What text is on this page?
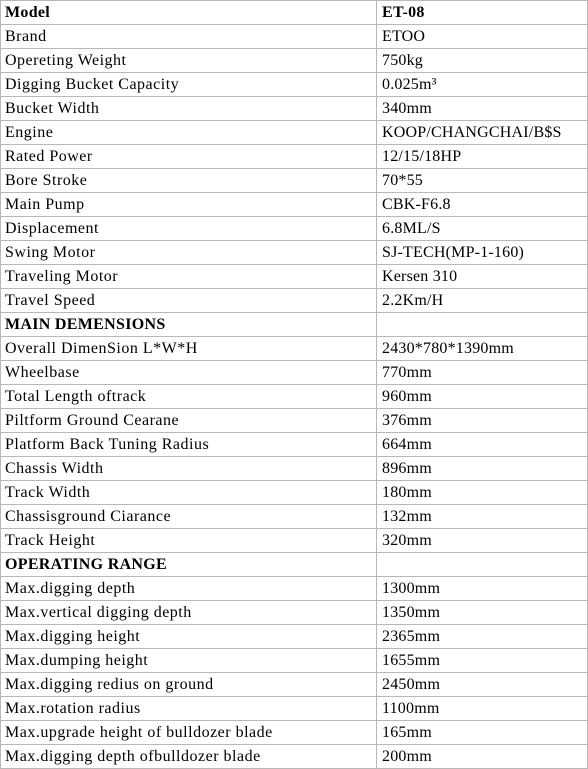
Model	ET-08
Brand	ETOO
Opereting Weight	750kg
Digging Bucket Capacity	0.025m³
Bucket Width	340mm
Engine	KOOP/CHANGCHAI/B$S
Rated Power	12/15/18HP
Bore Stroke	70*55
Main Pump	CBK-F6.8
Displacement	6.8ML/S
Swing Motor	SJ-TECH(MP-1-160)
Traveling Motor	Kersen 310
Travel Speed	2.2Km/H
MAIN DEMENSIONS	
Overall DimenSion L*W*H	2430*780*1390mm
Wheelbase	770mm
Total Length oftrack	960mm
Piltform Ground Cearane	376mm
Platform Back Tuning Radius	664mm
Chassis Width	896mm
Track Width	180mm
Chassisground Ciarance	132mm
Track Height	320mm
OPERATING RANGE	
Max.digging depth	1300mm
Max.vertical digging depth	1350mm
Max.digging height	2365mm
Max.dumping height	1655mm
Max.digging redius on ground	2450mm
Max.rotation radius	1100mm
Max.upgrade height of bulldozer blade	165mm
Max.digging depth ofbulldozer blade	200mm
